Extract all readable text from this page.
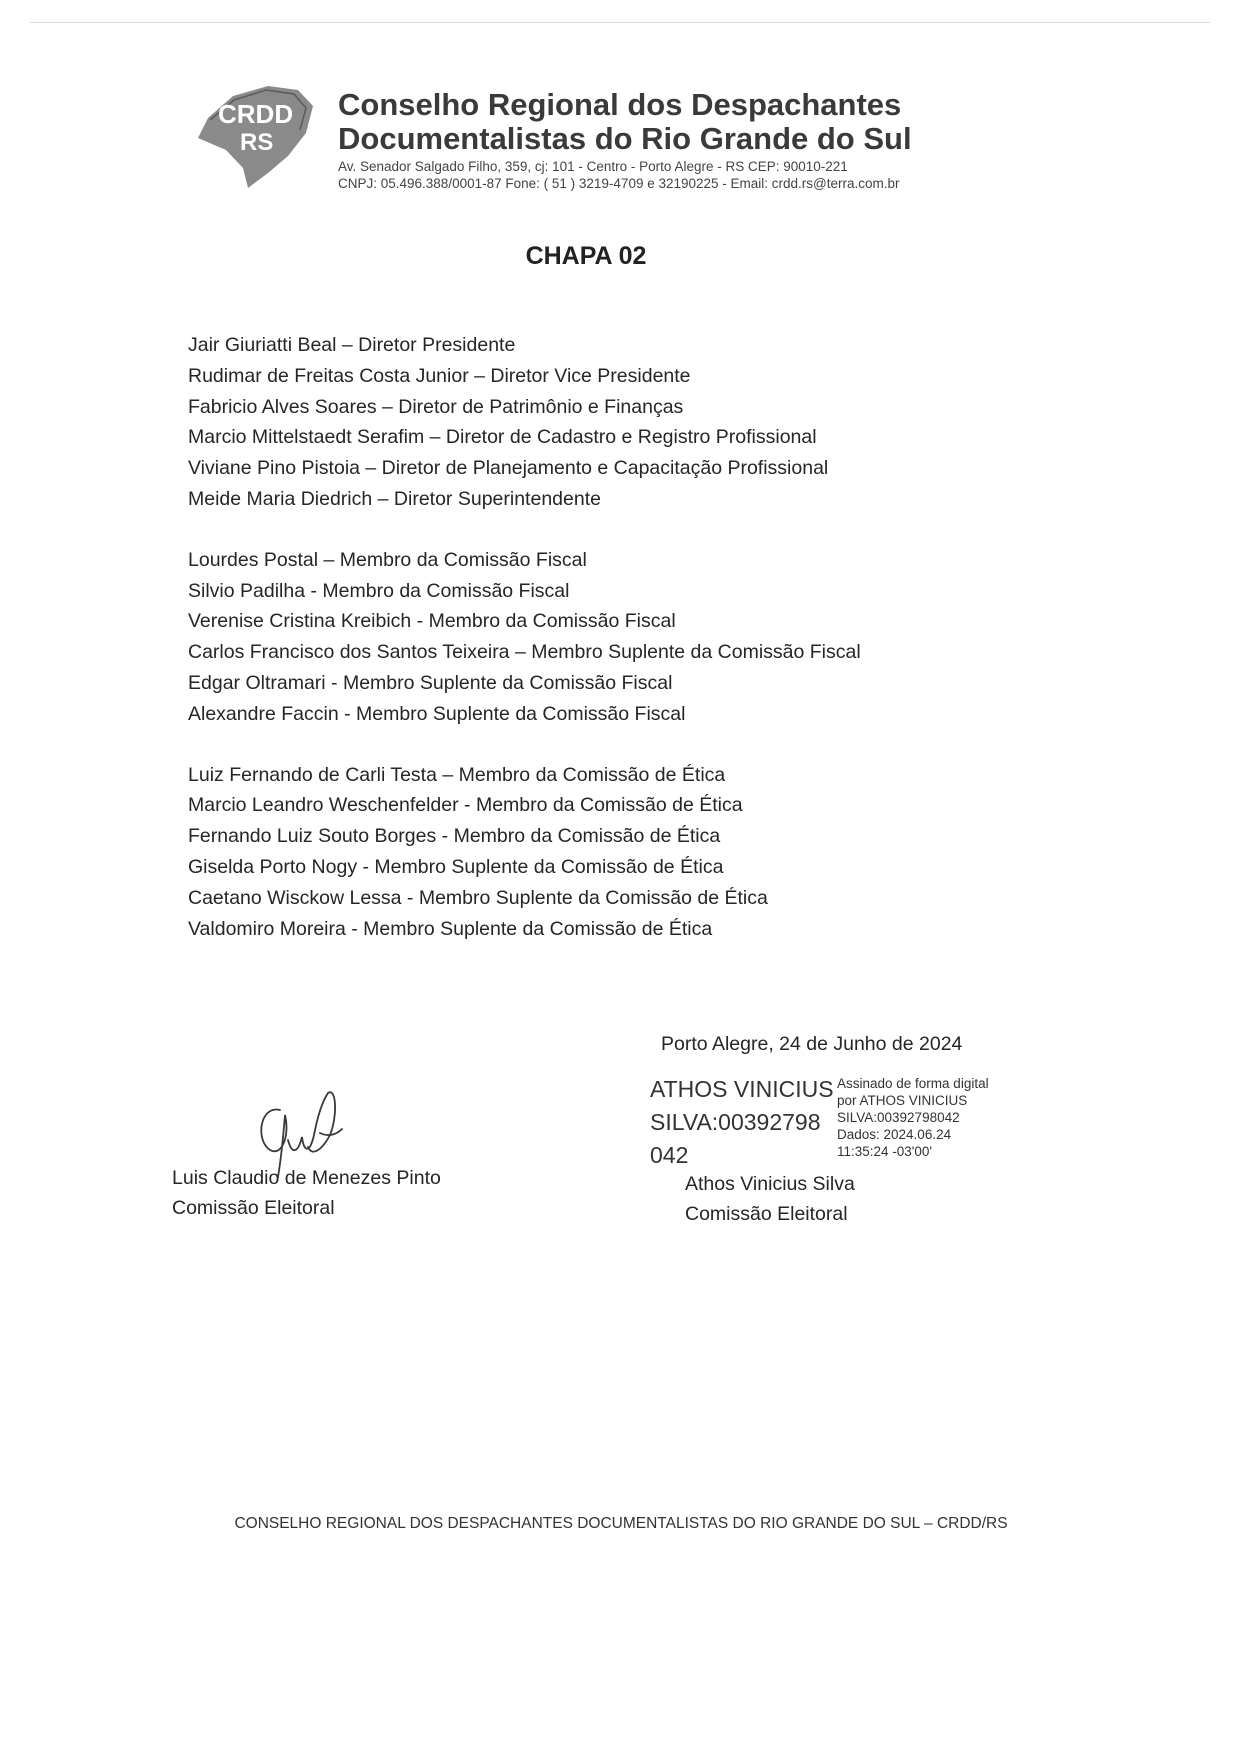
CRDD
RS
Conselho Regional dos Despachantes
Documentalistas do Rio Grande do Sul
Av. Senador Salgado Filho, 359, cj: 101 - Centro - Porto Alegre - RS CEP: 90010-221
CNPJ: 05.496.388/0001-87 Fone: ( 51 ) 3219-4709 e 32190225 - Email: crdd.rs@terra.com.br
CHAPA 02
Jair Giuriatti Beal – Diretor Presidente
Rudimar de Freitas Costa Junior – Diretor Vice Presidente
Fabricio Alves Soares – Diretor de Patrimônio e Finanças
Marcio Mittelstaedt Serafim – Diretor de Cadastro e Registro Profissional
Viviane Pino Pistoia – Diretor de Planejamento e Capacitação Profissional
Meide Maria Diedrich – Diretor Superintendente
Lourdes Postal – Membro da Comissão Fiscal
Silvio Padilha - Membro da Comissão Fiscal
Verenise Cristina Kreibich - Membro da Comissão Fiscal
Carlos Francisco dos Santos Teixeira – Membro Suplente da Comissão Fiscal
Edgar Oltramari - Membro Suplente da Comissão Fiscal
Alexandre Faccin - Membro Suplente da Comissão Fiscal
Luiz Fernando de Carli Testa – Membro da Comissão de Ética
Marcio Leandro Weschenfelder - Membro da Comissão de Ética
Fernando Luiz Souto Borges - Membro da Comissão de Ética
Giselda Porto Nogy - Membro Suplente da Comissão de Ética
Caetano Wisckow Lessa - Membro Suplente da Comissão de Ética
Valdomiro Moreira - Membro Suplente da Comissão de Ética
Porto Alegre, 24 de Junho de 2024
Luis Claudio de Menezes Pinto
Comissão Eleitoral
ATHOS VINICIUS
SILVA:00392798
042
Assinado de forma digital
por ATHOS VINICIUS
SILVA:00392798042
Dados: 2024.06.24
11:35:24 -03'00'
Athos Vinicius Silva
Comissão Eleitoral
CONSELHO REGIONAL DOS DESPACHANTES DOCUMENTALISTAS DO RIO GRANDE DO SUL – CRDD/RS
